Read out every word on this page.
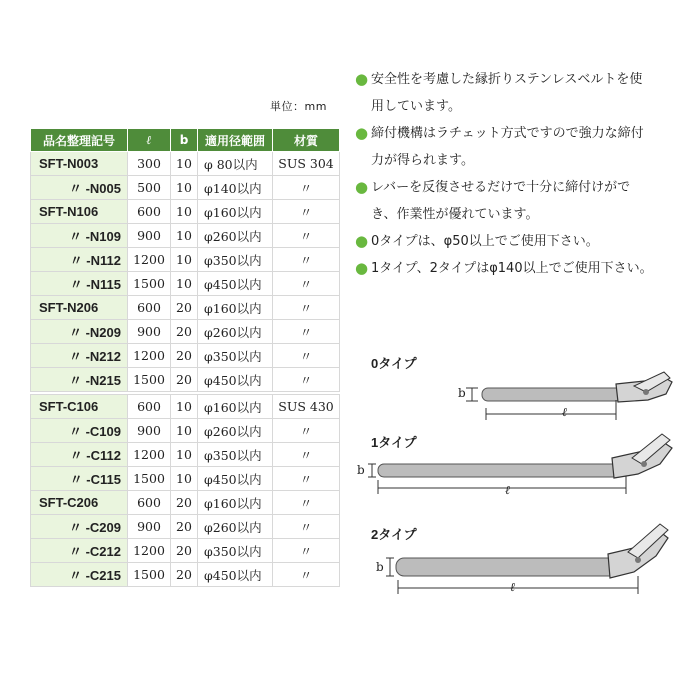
単位：mm
品名整理記号	ℓ	b	適用径範囲	材質
SFT-N003	300	10	φ 80以内	SUS 304
〃 -N005	500	10	φ140以内	〃
SFT-N106	600	10	φ160以内	〃
〃 -N109	900	10	φ260以内	〃
〃 -N112	1200	10	φ350以内	〃
〃 -N115	1500	10	φ450以内	〃
SFT-N206	600	20	φ160以内	〃
〃 -N209	900	20	φ260以内	〃
〃 -N212	1200	20	φ350以内	〃
〃 -N215	1500	20	φ450以内	〃

SFT-C106	600	10	φ160以内	SUS 430
〃 -C109	900	10	φ260以内	〃
〃 -C112	1200	10	φ350以内	〃
〃 -C115	1500	10	φ450以内	〃
SFT-C206	600	20	φ160以内	〃
〃 -C209	900	20	φ260以内	〃
〃 -C212	1200	20	φ350以内	〃
〃 -C215	1500	20	φ450以内	〃
● 安全性を考慮した縁折りステンレスベルトを使用しています。
● 締付機構はラチェット方式ですので強力な締付力が得られます。
● レバーを反復させるだけで十分に締付けができ、作業性が優れています。
● 0タイプは、φ50以上でご使用下さい。
● 1タイプ、2タイプはφ140以上でご使用下さい。
0タイプ
b
ℓ
1タイプ
b
ℓ
2タイプ
b
ℓ
